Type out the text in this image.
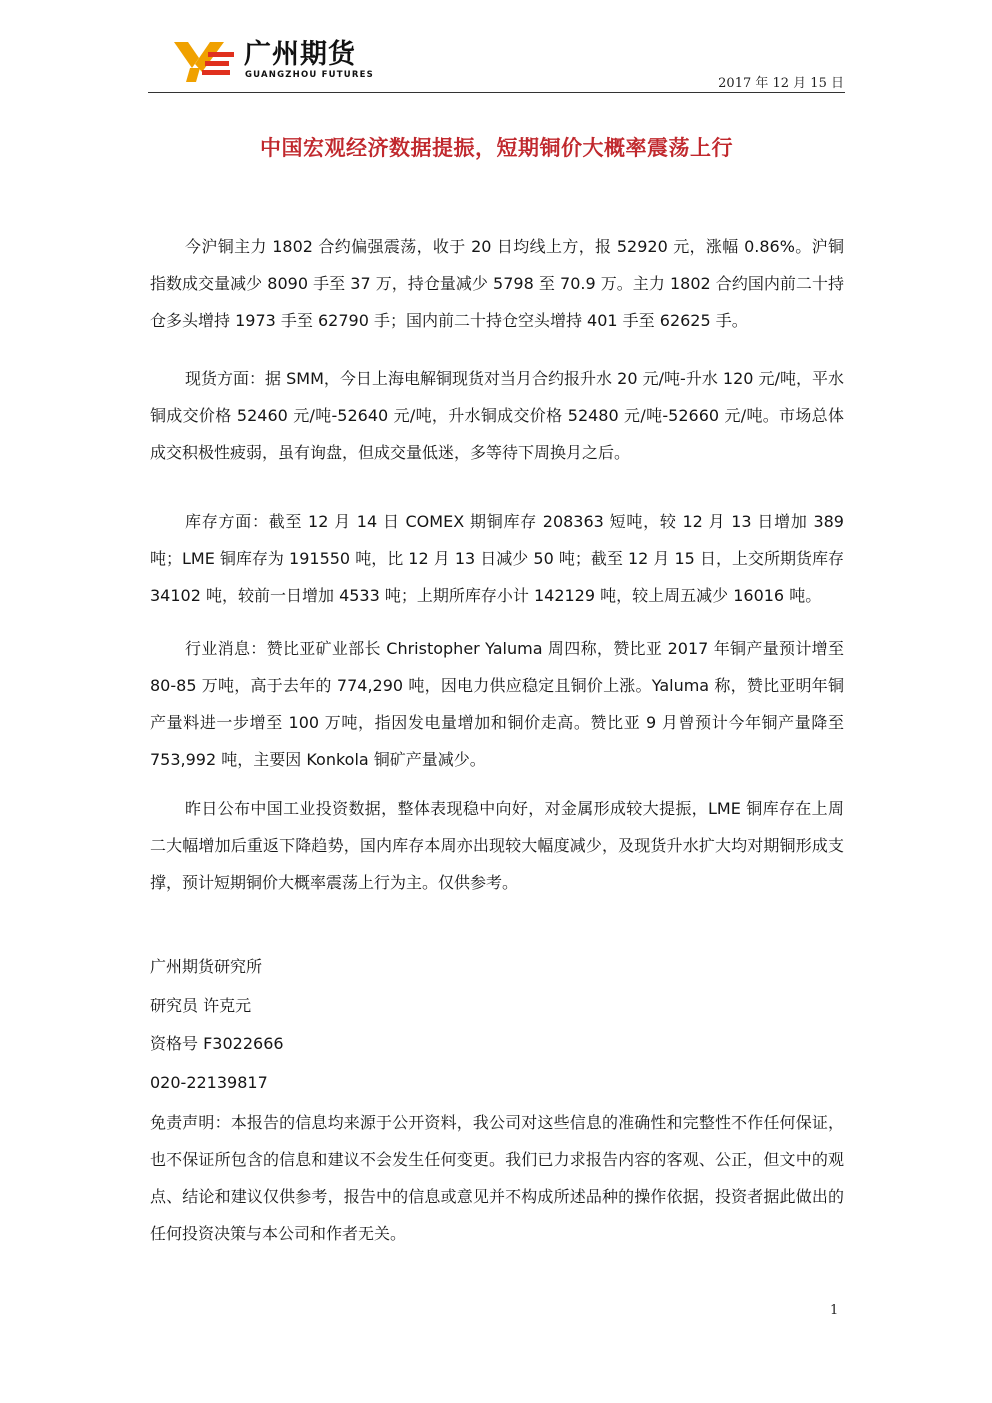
广州期货
GUANGZHOU FUTURES
2017 年 12 月 15 日
中国宏观经济数据提振，短期铜价大概率震荡上行
今沪铜主力 1802 合约偏强震荡，收于 20 日均线上方，报 52920 元，涨幅 0.86%。沪铜指数成交量减少 8090 手至 37 万，持仓量减少 5798 至 70.9 万。主力 1802 合约国内前二十持仓多头增持 1973 手至 62790 手；国内前二十持仓空头增持 401 手至 62625 手。
现货方面：据 SMM，今日上海电解铜现货对当月合约报升水 20 元/吨-升水 120 元/吨，平水铜成交价格 52460 元/吨-52640 元/吨，升水铜成交价格 52480 元/吨-52660 元/吨。市场总体成交积极性疲弱，虽有询盘，但成交量低迷，多等待下周换月之后。
库存方面：截至 12 月 14 日 COMEX 期铜库存 208363 短吨，较 12 月 13 日增加 389 吨；LME 铜库存为 191550 吨，比 12 月 13 日减少 50 吨；截至 12 月 15 日，上交所期货库存 34102 吨，较前一日增加 4533 吨；上期所库存小计 142129 吨，较上周五减少 16016 吨。
行业消息：赞比亚矿业部长 Christopher Yaluma 周四称，赞比亚 2017 年铜产量预计增至 80-85 万吨，高于去年的 774,290 吨，因电力供应稳定且铜价上涨。Yaluma 称，赞比亚明年铜产量料进一步增至 100 万吨，指因发电量增加和铜价走高。赞比亚 9 月曾预计今年铜产量降至 753,992 吨，主要因 Konkola 铜矿产量减少。
昨日公布中国工业投资数据，整体表现稳中向好，对金属形成较大提振，LME 铜库存在上周二大幅增加后重返下降趋势，国内库存本周亦出现较大幅度减少，及现货升水扩大均对期铜形成支撑，预计短期铜价大概率震荡上行为主。仅供参考。
广州期货研究所
研究员 许克元
资格号 F3022666
020-22139817
免责声明：本报告的信息均来源于公开资料，我公司对这些信息的准确性和完整性不作任何保证，也不保证所包含的信息和建议不会发生任何变更。我们已力求报告内容的客观、公正，但文中的观点、结论和建议仅供参考，报告中的信息或意见并不构成所述品种的操作依据，投资者据此做出的任何投资决策与本公司和作者无关。
1
